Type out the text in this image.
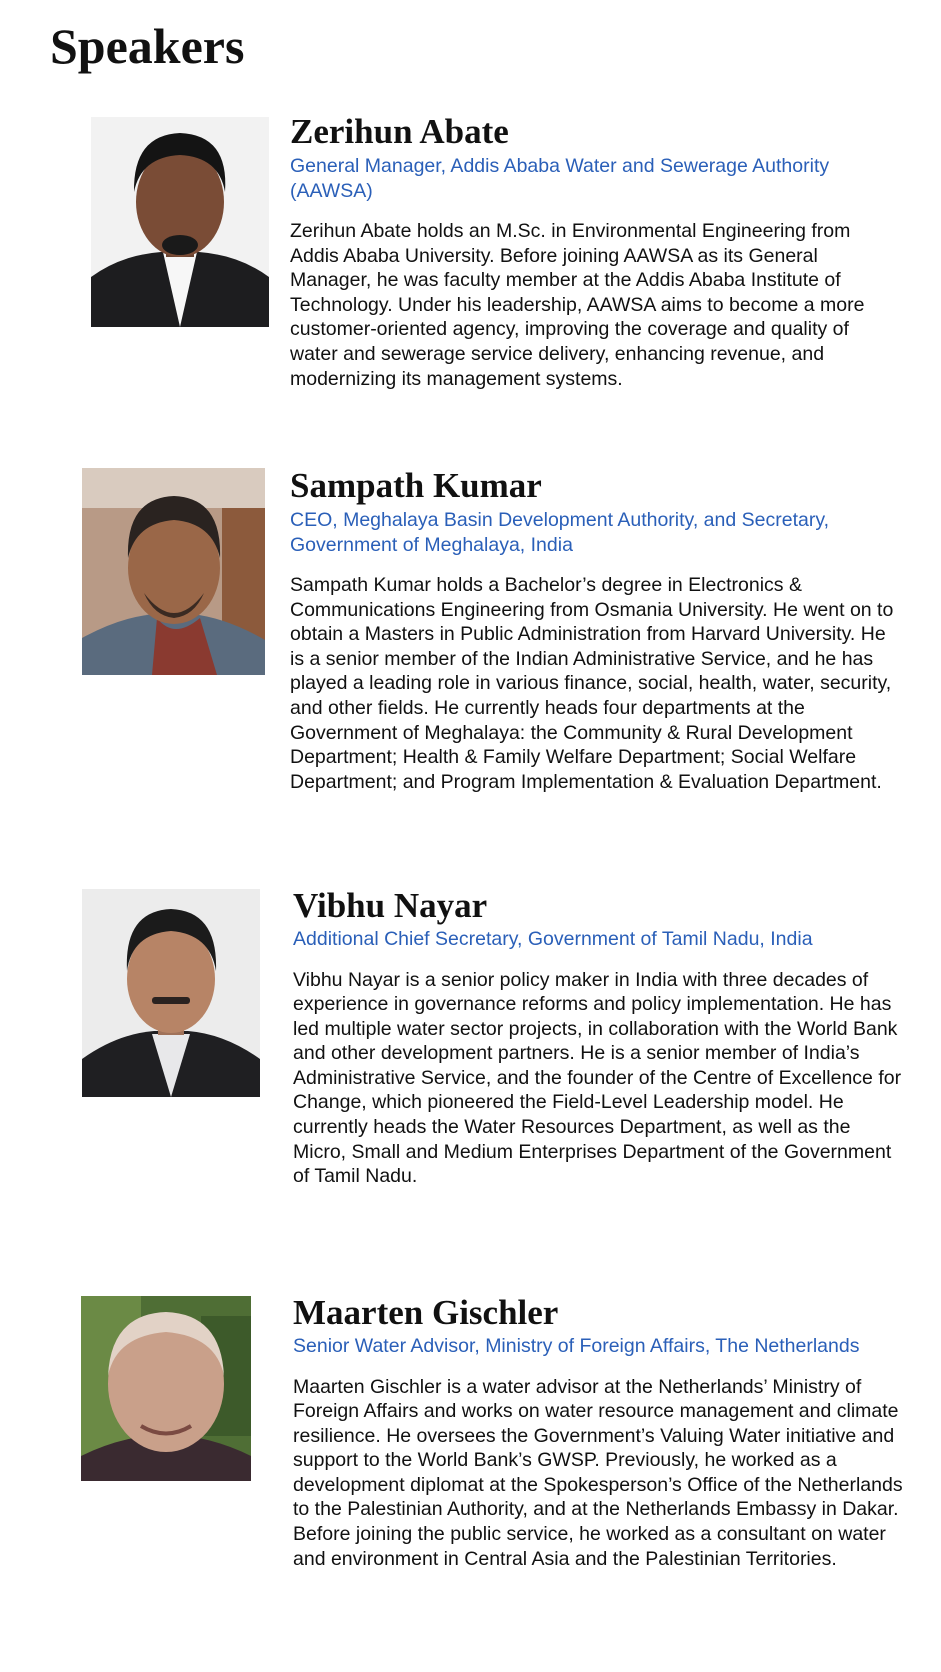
Speakers
Zerihun Abate

General Manager, Addis Ababa Water and Sewerage Authority (AAWSA)

Zerihun Abate holds an M.Sc. in Environmental Engineering from Addis Ababa University. Before joining AAWSA as its General Manager, he was faculty member at the Addis Ababa Institute of Technology. Under his leadership, AAWSA aims to become a more customer-oriented agency, improving the coverage and quality of water and sewerage service delivery, enhancing revenue, and modernizing its management systems.

Sampath Kumar

CEO, Meghalaya Basin Development Authority, and Secretary, Government of Meghalaya, India

Sampath Kumar holds a Bachelor’s degree in Electronics & Communications Engineering from Osmania University. He went on to obtain a Masters in Public Administration from Harvard University. He is a senior member of the Indian Administrative Service, and he has played a leading role in various finance, social, health, water, security, and other fields. He currently heads four departments at the Government of Meghalaya: the Community & Rural Development Department; Health & Family Welfare Department; Social Welfare Department; and Program Implementation & Evaluation Department.

Vibhu Nayar

Additional Chief Secretary, Government of Tamil Nadu, India

Vibhu Nayar is a senior policy maker in India with three decades of experience in governance reforms and policy implementation. He has led multiple water sector projects, in collaboration with the World Bank and other development partners. He is a senior member of India’s Administrative Service, and the founder of the Centre of Excellence for Change, which pioneered the Field-Level Leadership model. He currently heads the Water Resources Department, as well as the Micro, Small and Medium Enterprises Department of the Government of Tamil Nadu.

Maarten Gischler

Senior Water Advisor, Ministry of Foreign Affairs, The Netherlands

Maarten Gischler is a water advisor at the Netherlands’ Ministry of Foreign Affairs and works on water resource management and climate resilience. He oversees the Government’s Valuing Water initiative and support to the World Bank’s GWSP. Previously, he worked as a development diplomat at the Spokesperson’s Office of the Netherlands to the Palestinian Authority, and at the Netherlands Embassy in Dakar. Before joining the public service, he worked as a consultant on water and environment in Central Asia and the Palestinian Territories.
